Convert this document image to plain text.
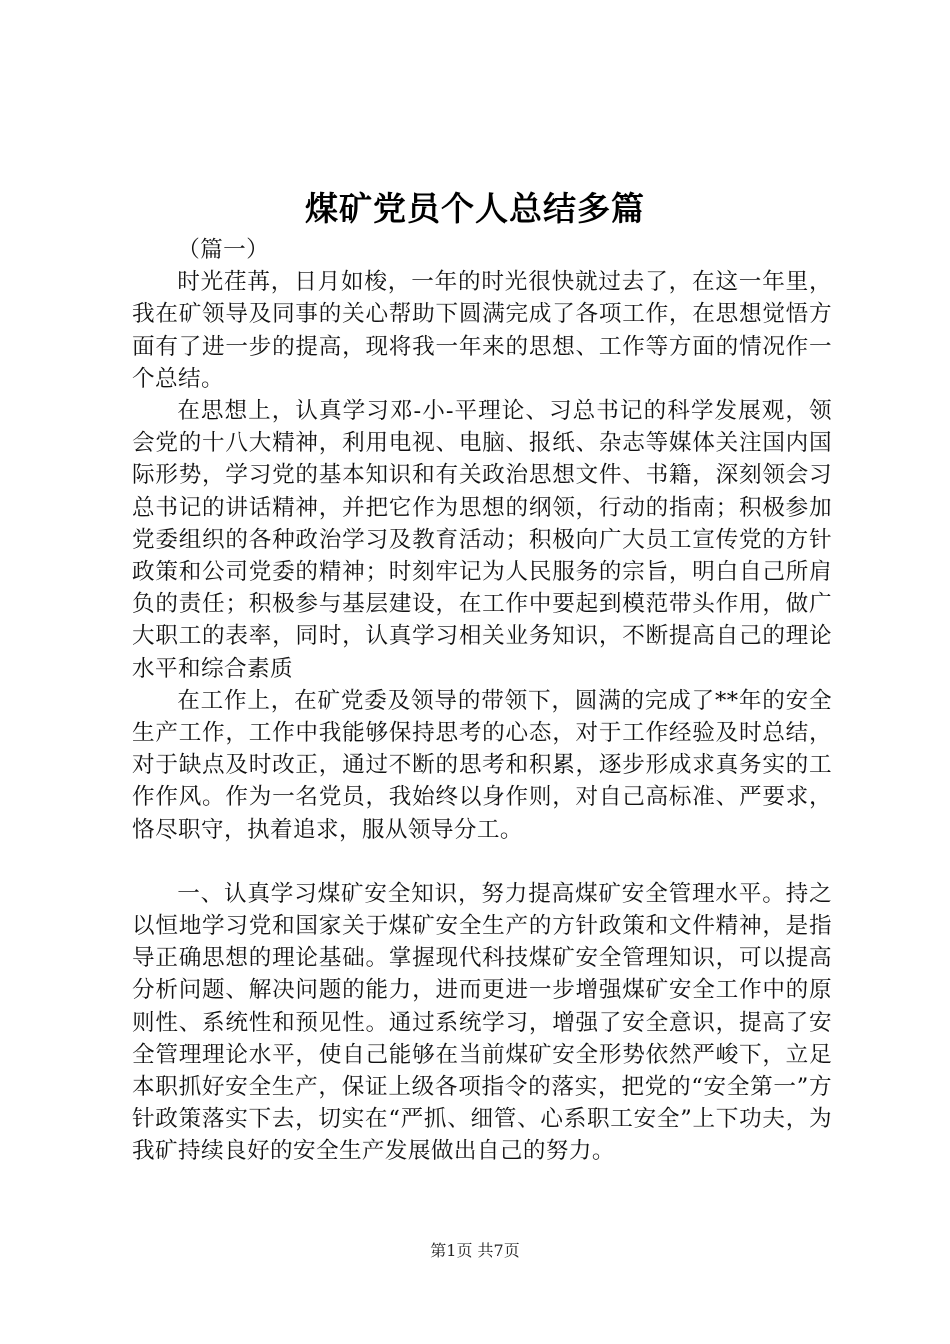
煤矿党员个人总结多篇

（篇一）

时光荏苒，日月如梭，一年的时光很快就过去了，在这一年里，我在矿领导及同事的关心帮助下圆满完成了各项工作，在思想觉悟方面有了进一步的提高，现将我一年来的思想、工作等方面的情况作一个总结。

在思想上，认真学习邓-小-平理论、习总书记的科学发展观，领会党的十八大精神，利用电视、电脑、报纸、杂志等媒体关注国内国际形势，学习党的基本知识和有关政治思想文件、书籍，深刻领会习总书记的讲话精神，并把它作为思想的纲领，行动的指南；积极参加党委组织的各种政治学习及教育活动；积极向广大员工宣传党的方针政策和公司党委的精神；时刻牢记为人民服务的宗旨，明白自己所肩负的责任；积极参与基层建设，在工作中要起到模范带头作用，做广大职工的表率，同时，认真学习相关业务知识，不断提高自己的理论水平和综合素质

在工作上，在矿党委及领导的带领下，圆满的完成了**年的安全生产工作，工作中我能够保持思考的心态，对于工作经验及时总结，对于缺点及时改正，通过不断的思考和积累，逐步形成求真务实的工作作风。作为一名党员，我始终以身作则，对自己高标准、严要求，恪尽职守，执着追求，服从领导分工。

一、认真学习煤矿安全知识，努力提高煤矿安全管理水平。持之以恒地学习党和国家关于煤矿安全生产的方针政策和文件精神，是指导正确思想的理论基础。掌握现代科技煤矿安全管理知识，可以提高分析问题、解决问题的能力，进而更进一步增强煤矿安全工作中的原则性、系统性和预见性。通过系统学习，增强了安全意识，提高了安全管理理论水平，使自己能够在当前煤矿安全形势依然严峻下，立足本职抓好安全生产，保证上级各项指令的落实，把党的“安全第一”方针政策落实下去，切实在“严抓、细管、心系职工安全”上下功夫，为我矿持续良好的安全生产发展做出自己的努力。

第1页 共7页
